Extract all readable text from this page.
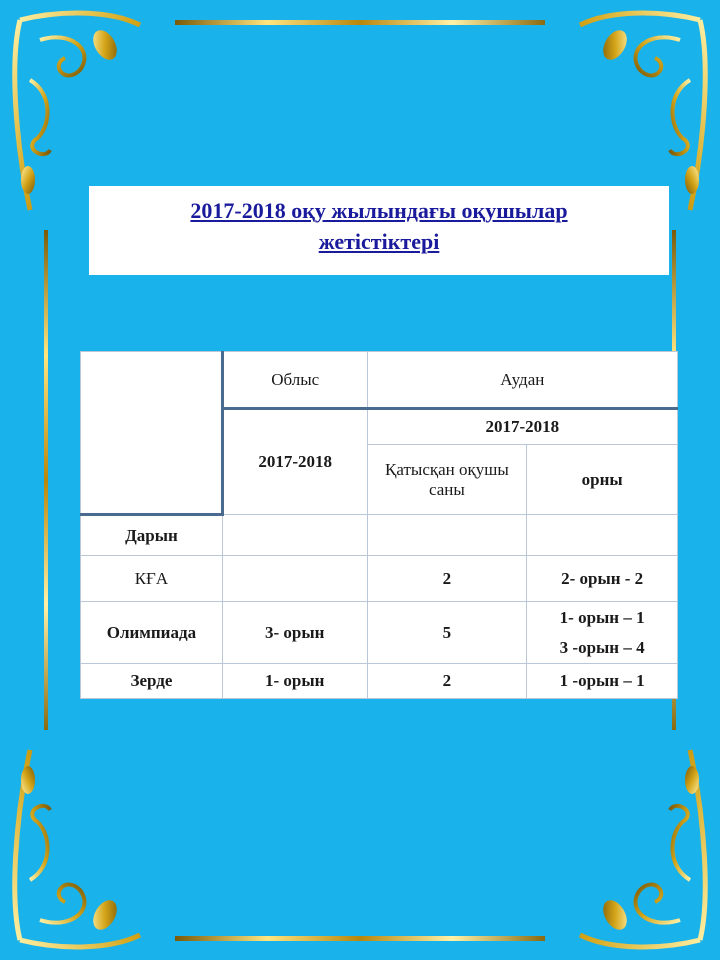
2017-2018 оқу жылындағы оқушылар
жетістіктері
	Облыс	Аудан	
	2017-2018	2017-2018	
		Қатысқан оқушы саны	орны
Дарын			
КҒА		2	2- орын - 2
Олимпиада	3- орын	5	1- орын – 1
3 -орын – 4

Зерде	1- орын	2	1 -орын – 1
